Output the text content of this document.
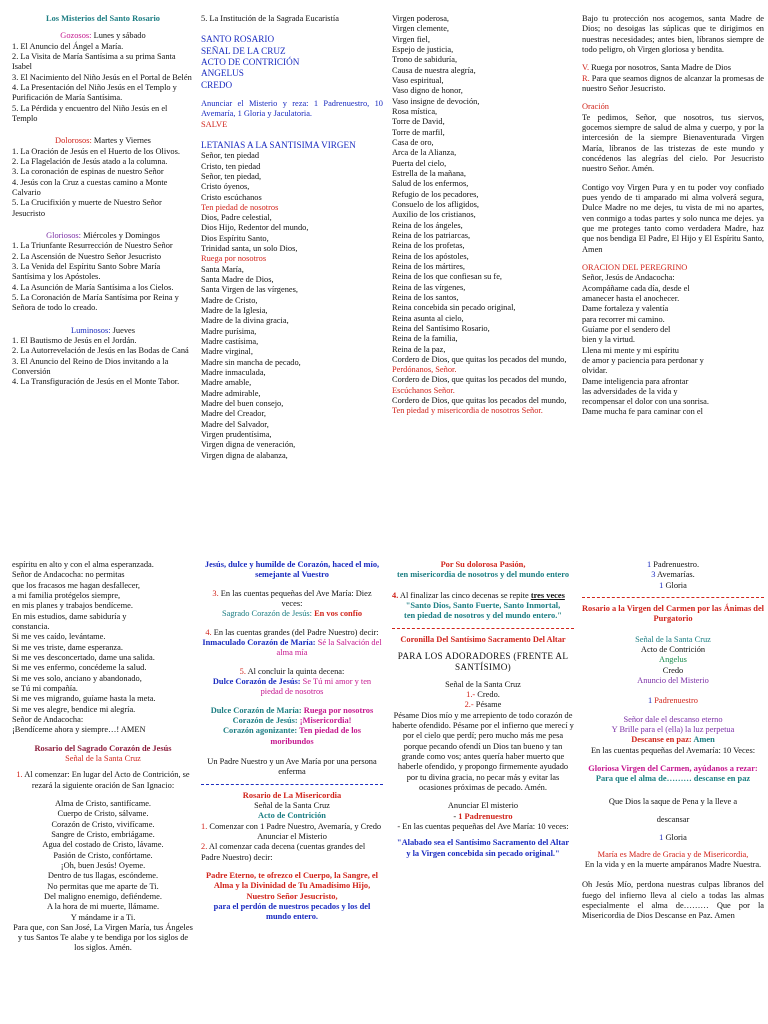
Los Misterios del Santo Rosario
Gozosos: Lunes y sábado
1. El Anuncio del Ángel a María.
2. La Visita de María Santísima a su prima Santa Isabel
3. El Nacimiento del Niño Jesús en el Portal de Belén
4. La Presentación del Niño Jesús en el Templo y Purificación de María Santísima.
5. La Pérdida y encuentro del Niño Jesús en el Templo
Dolorosos: Martes y Viernes
1. La Oración de Jesús en el Huerto de los Olivos.
2. La Flagelación de Jesús atado a la columna.
3. La coronación de espinas de nuestro Señor
4. Jesús con la Cruz a cuestas camino a Monte Calvario
5. La Crucifixión y muerte de Nuestro Señor Jesucristo
Gloriosos: Miércoles y Domingos
1. La Triunfante Resurrección de Nuestro Señor
2. La Ascensión de Nuestro Señor Jesucristo
3. La Venida del Espíritu Santo Sobre María Santísima y los Apóstoles.
4. La Asunción de María Santísima a los Cielos.
5. La Coronación de María Santísima por Reina y Señora de todo lo creado.
Luminosos: Jueves
1. El Bautismo de Jesús en el Jordán.
2. La Autorrevelación de Jesús en las Bodas de Caná
3. El Anuncio del Reino de Dios invitando a la Conversión
4. La Transfiguración de Jesús en el Monte Tabor.
5. La Institución de la Sagrada Eucaristía
SANTO ROSARIO
SEÑAL DE LA CRUZ
ACTO DE CONTRICIÓN
ANGELUS
CREDO
Anunciar el Misterio y reza: 1 Padrenuestro, 10 Avemaría, 1 Gloria y Jaculatoria.
SALVE
LETANIAS A LA SANTISIMA VIRGEN
Señor, ten piedad
Cristo, ten piedad
Señor, ten piedad,
Cristo óyenos,
Cristo escúchanos
Ten piedad de nosotros
Dios, Padre celestial,
Dios Hijo, Redentor del mundo,
Dios Espíritu Santo,
Trinidad santa, un solo Dios,
Ruega por nosotros
Santa María,
Santa Madre de Dios,
Santa Virgen de las vírgenes,
Madre de Cristo,
Madre de la Iglesia,
Madre de la divina gracia,
Madre purísima,
Madre castísima,
Madre virginal,
Madre sin mancha de pecado,
Madre inmaculada,
Madre amable,
Madre admirable,
Madre del buen consejo,
Madre del Creador,
Madre del Salvador,
Virgen prudentísima,
Virgen digna de veneración,
Virgen digna de alabanza,
Virgen poderosa,
Virgen clemente,
Virgen fiel,
Espejo de justicia,
Trono de sabiduría,
Causa de nuestra alegría,
Vaso espiritual,
Vaso digno de honor,
Vaso insigne de devoción,
Rosa mística,
Torre de David,
Torre de marfil,
Casa de oro,
Arca de la Alianza,
Puerta del cielo,
Estrella de la mañana,
Salud de los enfermos,
Refugio de los pecadores,
Consuelo de los afligidos,
Auxilio de los cristianos,
Reina de los ángeles,
Reina de los patriarcas,
Reina de los profetas,
Reina de los apóstoles,
Reina de los mártires,
Reina de los que confiesan su fe,
Reina de las vírgenes,
Reina de los santos,
Reina concebida sin pecado original,
Reina asunta al cielo,
Reina del Santísimo Rosario,
Reina de la familia,
Reina de la paz,
Cordero de Dios, que quitas los pecados del mundo,
Perdónanos, Señor.
Cordero de Dios, que quitas los pecados del mundo,
Escúchanos Señor.
Cordero de Dios, que quitas los pecados del mundo,
Ten piedad y misericordia de nosotros Señor.
Bajo tu protección nos acogemos, santa Madre de Dios; no desoigas las súplicas que te dirigimos en nuestras necesidades; antes bien, líbranos siempre de todo peligro, oh Virgen gloriosa y bendita.
V. Ruega por nosotros, Santa Madre de Dios
R. Para que seamos dignos de alcanzar la promesas de nuestro Señor Jesucristo.
Oración
Te pedimos, Señor, que nosotros, tus siervos, gocemos siempre de salud de alma y cuerpo, y por la intercesión de la siempre Bienaventurada Virgen María, líbranos de las tristezas de este mundo y concédenos las alegrías del cielo. Por Jesucristo nuestro Señor. Amén.
Contigo voy Virgen Pura y en tu poder voy confiado pues yendo de ti amparado mi alma volverá segura, Dulce Madre no me dejes, tu vista de mi no apartes, ven conmigo a todas partes y solo nunca me dejes. ya que me proteges tanto como verdadera Madre, haz que nos bendiga El Padre, El Hijo y El Espíritu Santo, Amen
ORACION DEL PEREGRINO
Señor, Jesús de Andacocha:
Acompáñame cada día, desde el
amanecer hasta el anochecer.
Dame fortaleza y valentía
para recorrer mi camino.
Guíame por el sendero del
bien y la virtud.
Llena mi mente y mi espíritu
de amor y paciencia para perdonar y
olvidar.
Dame inteligencia para afrontar
las adversidades de la vida y
recompensar el dolor con una sonrisa.
Dame mucha fe para caminar con el
espíritu en alto y con el alma esperanzada.
Señor de Andacocha: no permitas
que los fracasos me hagan desfallecer,
a mi familia protégelos siempre,
en mis planes y trabajos bendíceme.
En mis estudios, dame sabiduría y
constancia.
Si me ves caído, levántame.
Si me ves triste, dame esperanza.
Si me ves desconcertado, dame una salida.
Si me ves enfermo, concédeme la salud.
Si me ves solo, anciano y abandonado,
se Tú mi compañía.
Si me ves migrando, guíame hasta la meta.
Si me ves alegre, bendice mi alegría.
Señor de Andacocha:
¡Bendíceme ahora y siempre…! AMEN
Rosario del Sagrado Corazón de Jesús
Señal de la Santa Cruz
1. Al comenzar: En lugar del Acto de Contrición, se rezará la siguiente oración de San Ignacio:
Alma de Cristo, santifícame.
Cuerpo de Cristo, sálvame.
Corazón de Cristo, vivifícame.
Sangre de Cristo, embriágame.
Agua del costado de Cristo, lávame.
Pasión de Cristo, confórtame.
¡Oh, buen Jesús! Oyeme.
Dentro de tus llagas, escóndeme.
No permitas que me aparte de Ti.
Del maligno enemigo, defiéndeme.
A la hora de mi muerte, llámame.
Y mándame ir a Ti.
Para que, con San José, La Virgen María, tus Ángeles y tus Santos Te alabe y te bendiga por los siglos de los siglos. Amén.
Jesús, dulce y humilde de Corazón, haced el mío, semejante al Vuestro
3. En las cuentas pequeñas del Ave María: Diez veces:
Sagrado Corazón de Jesús: En vos confío
4. En las cuentas grandes (del Padre Nuestro) decir:
Inmaculado Corazón de María: Sé la Salvación del alma mía
5. Al concluir la quinta decena:
Dulce Corazón de Jesús: Se Tú mi amor y ten piedad de nosotros
Dulce Corazón de María: Ruega por nosotros
Corazón de Jesús: ¡Misericordia!
Corazón agonizante: Ten piedad de los moribundos
Un Padre Nuestro y un Ave María por una persona enferma
Rosario de La Misericordia
Señal de la Santa Cruz
Acto de Contrición
1. Comenzar con 1 Padre Nuestro, Avemaría, y Credo
Anunciar el Misterio
2. Al comenzar cada decena (cuentas grandes del Padre Nuestro) decir:
Padre Eterno, te ofrezco el Cuerpo, la Sangre, el Alma y la Divinidad de Tu Amadísimo Hijo, Nuestro Señor Jesucristo,
para el perdón de nuestros pecados y los del mundo entero.
Por Su dolorosa Pasión,
ten misericordia de nosotros y del mundo entero
4. Al finalizar las cinco decenas se repite tres veces
"Santo Dios, Santo Fuerte, Santo Inmortal,
ten piedad de nosotros y del mundo entero."
Coronilla Del Santísimo Sacramento Del Altar
PARA LOS ADORADORES (FRENTE AL SANTÍSIMO)
Señal de la Santa Cruz
1.- Credo.
2.- Pésame
Pésame Dios mío y me arrepiento de todo corazón de haberte ofendido. Pésame por el infierno que merecí y por el cielo que perdí; pero mucho más me pesa porque pecando ofendí un Dios tan bueno y tan grande como vos; antes quería haber muerto que haberle ofendido, y propongo firmemente ayudado por tu divina gracia, no pecar más y evitar las ocasiones próximas de pecado. Amén.
Anunciar El misterio
- 1 Padrenuestro
- En las cuentas pequeñas del Ave María: 10 veces:
"Alabado sea el Santísimo Sacramento del Altar
y la Virgen concebida sin pecado original."
1 Padrenuestro.
3 Avemarías.
1 Gloria
Rosario a la Virgen del Carmen por las Ánimas del Purgatorio
Señal de la Santa Cruz
Acto de Contrición
Angelus
Credo
Anuncio del Misterio
1 Padrenuestro
Señor dale el descanso eterno
Y Brille para el (ella) la luz perpetua
Descanse en paz: Amen
En las cuentas pequeñas del Avemaría: 10 Veces:
Gloriosa Virgen del Carmen, ayúdanos a rezar:
Para que el alma de……… descanse en paz
Que Dios la saque de Pena y la lleve a
descansar
1 Gloria
María es Madre de Gracia y de Misericordia,
En la vida y en la muerte ampáranos Madre Nuestra.
Oh Jesús Mío, perdona nuestras culpas líbranos del fuego del infierno lleva al cielo a todas las almas especialmente el alma de……… Que por la Misericordia de Dios Descanse en Paz. Amen
